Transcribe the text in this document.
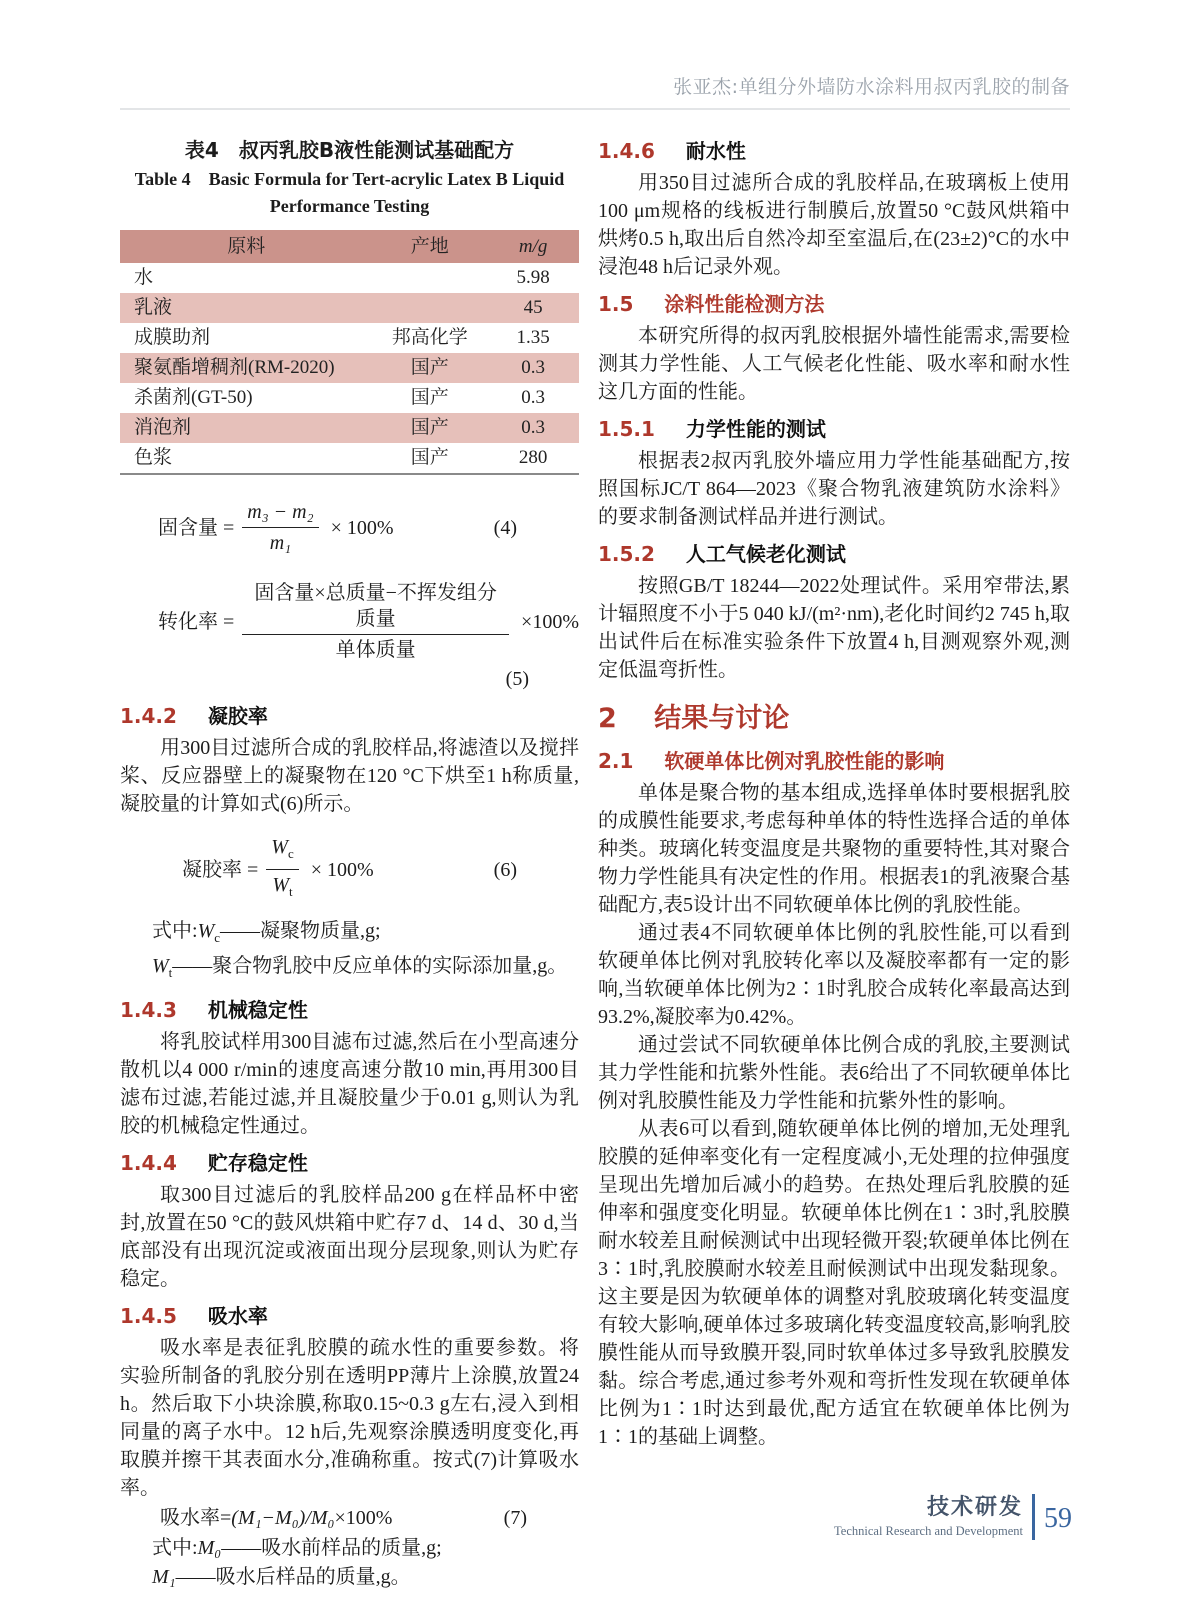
张亚杰:单组分外墙防水涂料用叔丙乳胶的制备
表4　叔丙乳胶B液性能测试基础配方
Table 4　Basic Formula for Tert-acrylic Latex B Liquid Performance Testing
原料	产地	m/g
水		5.98
乳液		45
成膜助剂	邦高化学	1.35
聚氨酯增稠剂(RM-2020)	国产	0.3
杀菌剂(GT-50)	国产	0.3
消泡剂	国产	0.3
色浆	国产	280
固含量 = $\frac{\text{m₃ − m₂}}{\text{m₁}} \times 100\%$	(4)
转化率 = $\frac{\text{固含量×总质量−不挥发组分质量}}{\text{单体质量}} \times 100\%$
(5)
1.4.2 凝胶率

用300目过滤所合成的乳胶样品,将滤渣以及搅拌桨、反应器壁上的凝聚物在120 °C下烘至1 h称质量,凝胶量的计算如式(6)所示。

凝胶率 = $\frac{W_c}{W_t} \times 100\%$	(6)

式中$:W_c——$凝聚物质量,g;

$W_t——$聚合物乳胶中反应单体的实际添加量,g。

1.4.3 机械稳定性

将乳胶试样用300目滤布过滤,然后在小型高速分散机以4 000 r/min的速度高速分散10 min,再用300目滤布过滤,若能过滤,并且凝胶量少于0.01 g,则认为乳胶的机械稳定性通过。

1.4.4 贮存稳定性

取300目过滤后的乳胶样品200 g在样品杯中密封,放置在50 °C的鼓风烘箱中贮存7 d、14 d、30 d,当底部没有出现沉淀或液面出现分层现象,则认为贮存稳定。

1.4.5 吸水率

吸水率是表征乳胶膜的疏水性的重要参数。将实验所制备的乳胶分别在透明PP薄片上涂膜,放置24 h。然后取下小块涂膜,称取0.15~0.3 g左右,浸入到相同量的离子水中。12 h后,先观察涂膜透明度变化,再取膜并擦干其表面水分,准确称重。按式(7)计算吸水率。

吸水率= (M₁−M₀)/M₀ ×100%	(7)

式中:M₀——吸水前样品的质量,g;

M₁——吸水后样品的质量,g。

1.4.6 耐水性

用350目过滤所合成的乳胶样品,在玻璃板上使用100 μm规格的线板进行制膜后,放置50 °C鼓风烘箱中烘烤0.5 h,取出后自然冷却至室温后,在(23±2)°C的水中浸泡48 h后记录外观。

1.5 涂料性能检测方法

本研究所得的叔丙乳胶根据外墙性能需求,需要检测其力学性能、人工气候老化性能、吸水率和耐水性这几方面的性能。

1.5.1 力学性能的测试

根据表2叔丙乳胶外墙应用力学性能基础配方,按照国标JC/T 864—2023《聚合物乳液建筑防水涂料》的要求制备测试样品并进行测试。

1.5.2 人工气候老化测试

按照GB/T 18244—2022处理试件。采用窄带法,累计辐照度不小于5 040 kJ/(m²·nm),老化时间约2 745 h,取出试件后在标准实验条件下放置4 h,目测观察外观,测定低温弯折性。

2 结果与讨论
2.1 软硬单体比例对乳胶性能的影响

单体是聚合物的基本组成,选择单体时要根据乳胶的成膜性能要求,考虑每种单体的特性选择合适的单体种类。玻璃化转变温度是共聚物的重要特性,其对聚合物力学性能具有决定性的作用。根据表1的乳液聚合基础配方,表5设计出不同软硬单体比例的乳胶性能。

通过表4不同软硬单体比例的乳胶性能,可以看到软硬单体比例对乳胶转化率以及凝胶率都有一定的影响,当软硬单体比例为2∶1时乳胶合成转化率最高达到93.2%,凝胶率为0.42%。

通过尝试不同软硬单体比例合成的乳胶,主要测试其力学性能和抗紫外性能。表6给出了不同软硬单体比例对乳胶膜性能及力学性能和抗紫外性的影响。

从表6可以看到,随软硬单体比例的增加,无处理乳胶膜的延伸率变化有一定程度减小,无处理的拉伸强度呈现出先增加后减小的趋势。在热处理后乳胶膜的延伸率和强度变化明显。软硬单体比例在1∶3时,乳胶膜耐水较差且耐候测试中出现轻微开裂;软硬单体比例在3∶1时,乳胶膜耐水较差且耐候测试中出现发黏现象。这主要是因为软硬单体的调整对乳胶玻璃化转变温度有较大影响,硬单体过多玻璃化转变温度较高,影响乳胶膜性能从而导致膜开裂,同时软单体过多导致乳胶膜发黏。综合考虑,通过参考外观和弯折性发现在软硬单体比例为1∶1时达到最优,配方适宜在软硬单体比例为1∶1的基础上调整。

技术研发
Technical Research and Development 59
